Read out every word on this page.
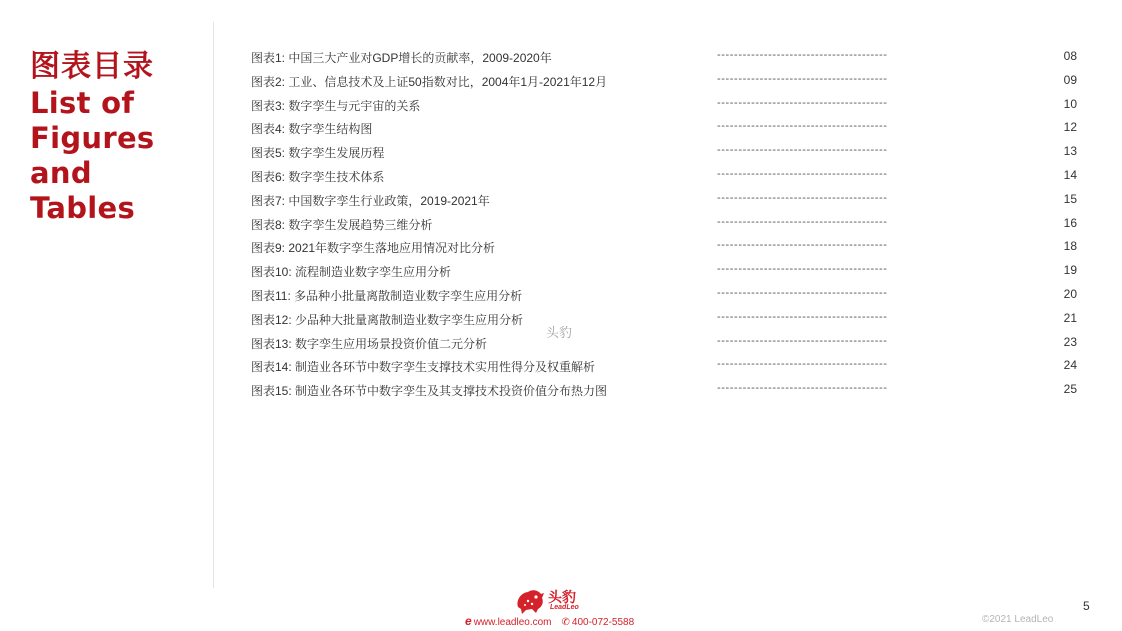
图表目录
List of
Figures
and Tables
图表1: 中国三大产业对GDP增长的贡献率，2009-2020年	----------------------------------------	08
图表2: 工业、信息技术及上证50指数对比，2004年1月-2021年12月	----------------------------------------	09
图表3: 数字孪生与元宇宙的关系	----------------------------------------	10
图表4: 数字孪生结构图	----------------------------------------	12
图表5: 数字孪生发展历程	----------------------------------------	13
图表6: 数字孪生技术体系	----------------------------------------	14
图表7: 中国数字孪生行业政策，2019-2021年	----------------------------------------	15
图表8: 数字孪生发展趋势三维分析	----------------------------------------	16
图表9: 2021年数字孪生落地应用情况对比分析	----------------------------------------	18
图表10: 流程制造业数字孪生应用分析	----------------------------------------	19
图表11: 多品种小批量离散制造业数字孪生应用分析	----------------------------------------	20
图表12: 少品种大批量离散制造业数字孪生应用分析	----------------------------------------	21
图表13: 数字孪生应用场景投资价值二元分析	----------------------------------------	23
图表14: 制造业各环节中数字孪生支撑技术实用性得分及权重解析	----------------------------------------	24
图表15: 制造业各环节中数字孪生及其支撑技术投资价值分布热力图	----------------------------------------	25
头豹
头豹
LeadLeo
e www.leadleo.com ✆ 400-072-5588
5
©2021 LeadLeo
